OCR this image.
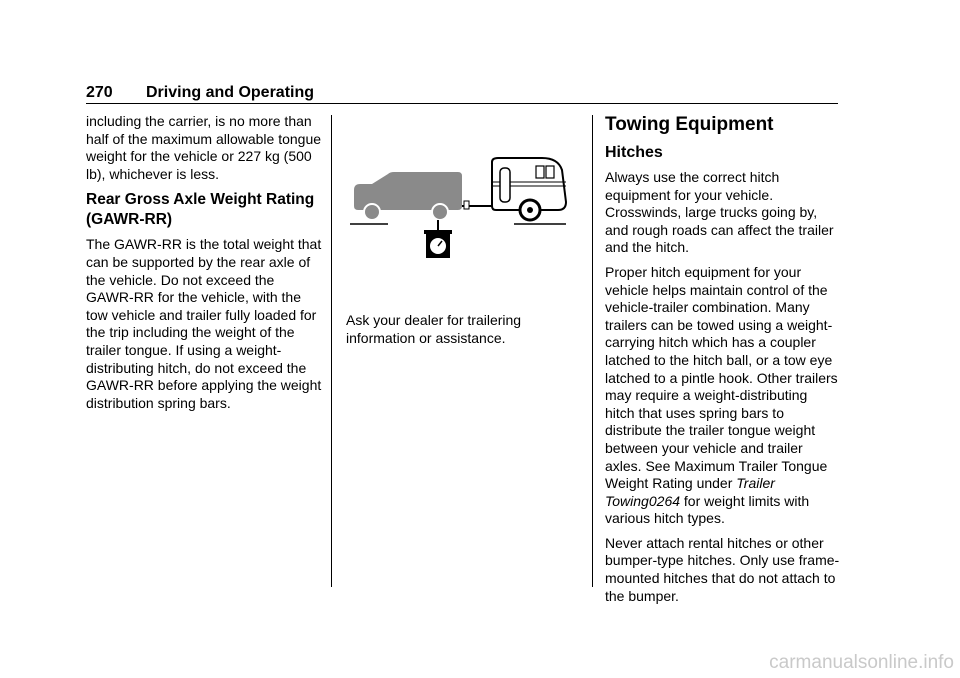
270 Driving and Operating

including the carrier, is no more than half of the maximum allowable tongue weight for the vehicle or 227 kg (500 lb), whichever is less.

Rear Gross Axle Weight Rating (GAWR-RR)

The GAWR-RR is the total weight that can be supported by the rear axle of the vehicle. Do not exceed the GAWR-RR for the vehicle, with the tow vehicle and trailer fully loaded for the trip including the weight of the trailer tongue. If using a weight-distributing hitch, do not exceed the GAWR-RR before applying the weight distribution spring bars.

Ask your dealer for trailering information or assistance.
Towing Equipment
Hitches

Always use the correct hitch equipment for your vehicle. Crosswinds, large trucks going by, and rough roads can affect the trailer and the hitch.

Proper hitch equipment for your vehicle helps maintain control of the vehicle-trailer combination. Many trailers can be towed using a weight-carrying hitch which has a coupler latched to the hitch ball, or a tow eye latched to a pintle hook. Other trailers may require a weight-distributing hitch that uses spring bars to distribute the trailer tongue weight between your vehicle and trailer axles. See Maximum Trailer Tongue Weight Rating under Trailer Towing0264 for weight limits with various hitch types.

Never attach rental hitches or other bumper-type hitches. Only use frame-mounted hitches that do not attach to the bumper.

carmanualsonline.info
